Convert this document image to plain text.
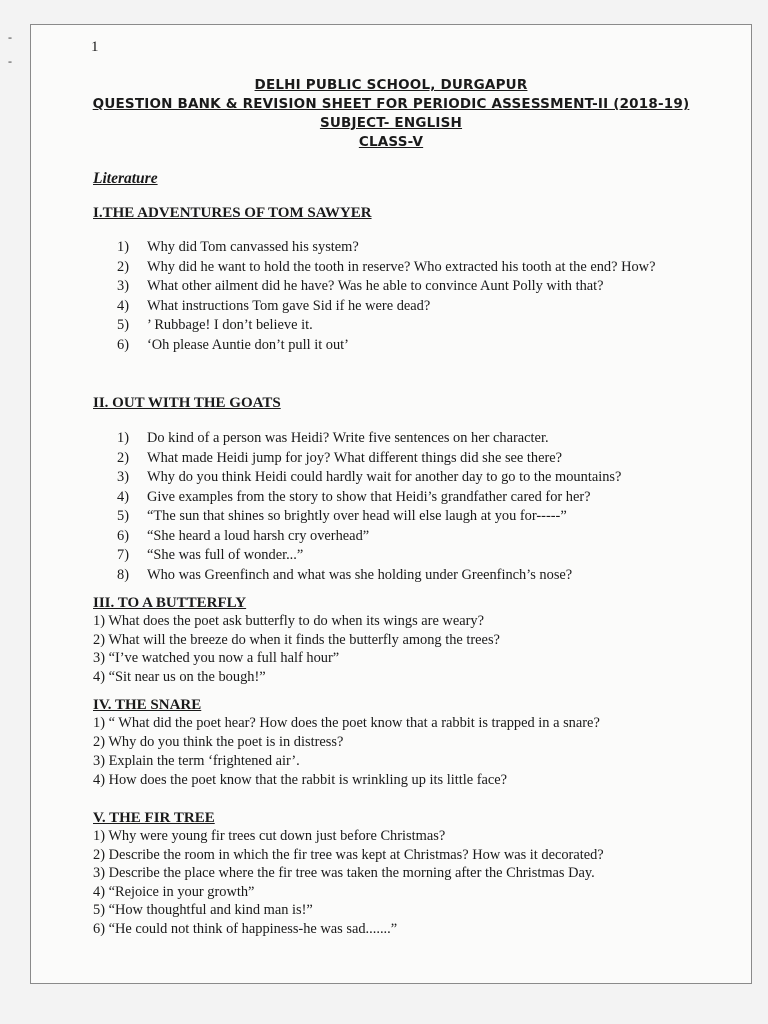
-
-
1
DELHI PUBLIC SCHOOL, DURGAPUR
QUESTION BANK & REVISION SHEET FOR PERIODIC ASSESSMENT-II (2018-19)
SUBJECT- ENGLISH
CLASS-V
Literature
I.THE ADVENTURES OF TOM SAWYER
1) Why did Tom canvassed his system?
2) Why did he want to hold the tooth in reserve? Who extracted his tooth at the end? How?
3) What other ailment did he have? Was he able to convince Aunt Polly with that?
4) What instructions Tom gave Sid if he were dead?
5) ’ Rubbage! I don’t believe it.
6) ‘Oh please Auntie don’t pull it out’
II. OUT WITH THE GOATS
1) Do kind of a person was Heidi? Write five sentences on her character.
2) What made Heidi jump for joy? What different things did she see there?
3) Why do you think Heidi could hardly wait for another day to go to the mountains?
4) Give examples from the story to show that Heidi’s grandfather cared for her?
5) “The sun that shines so brightly over head will else laugh at you for-----”
6) “She heard a loud harsh cry overhead”
7) “She was full of wonder...”
8) Who was Greenfinch and what was she holding under Greenfinch’s nose?
III. TO A BUTTERFLY
1) What does the poet ask butterfly to do when its wings are weary?
2) What will the breeze do when it finds the butterfly among the trees?
3) “I’ve watched you now a full half hour”
4) “Sit near us on the bough!”
IV. THE SNARE
1) “ What did the poet hear? How does the poet know that a rabbit is trapped in a snare?
2) Why do you think the poet is in distress?
3) Explain the term ‘frightened air’.
4) How does the poet know that the rabbit is wrinkling up its little face?
V. THE FIR TREE
1) Why were young fir trees cut down just before Christmas?
2) Describe the room in which the fir tree was kept at Christmas? How was it decorated?
3) Describe the place where the fir tree was taken the morning after the Christmas Day.
4) “Rejoice in your growth”
5) “How thoughtful and kind man is!”
6) “He could not think of happiness-he was sad.......”
